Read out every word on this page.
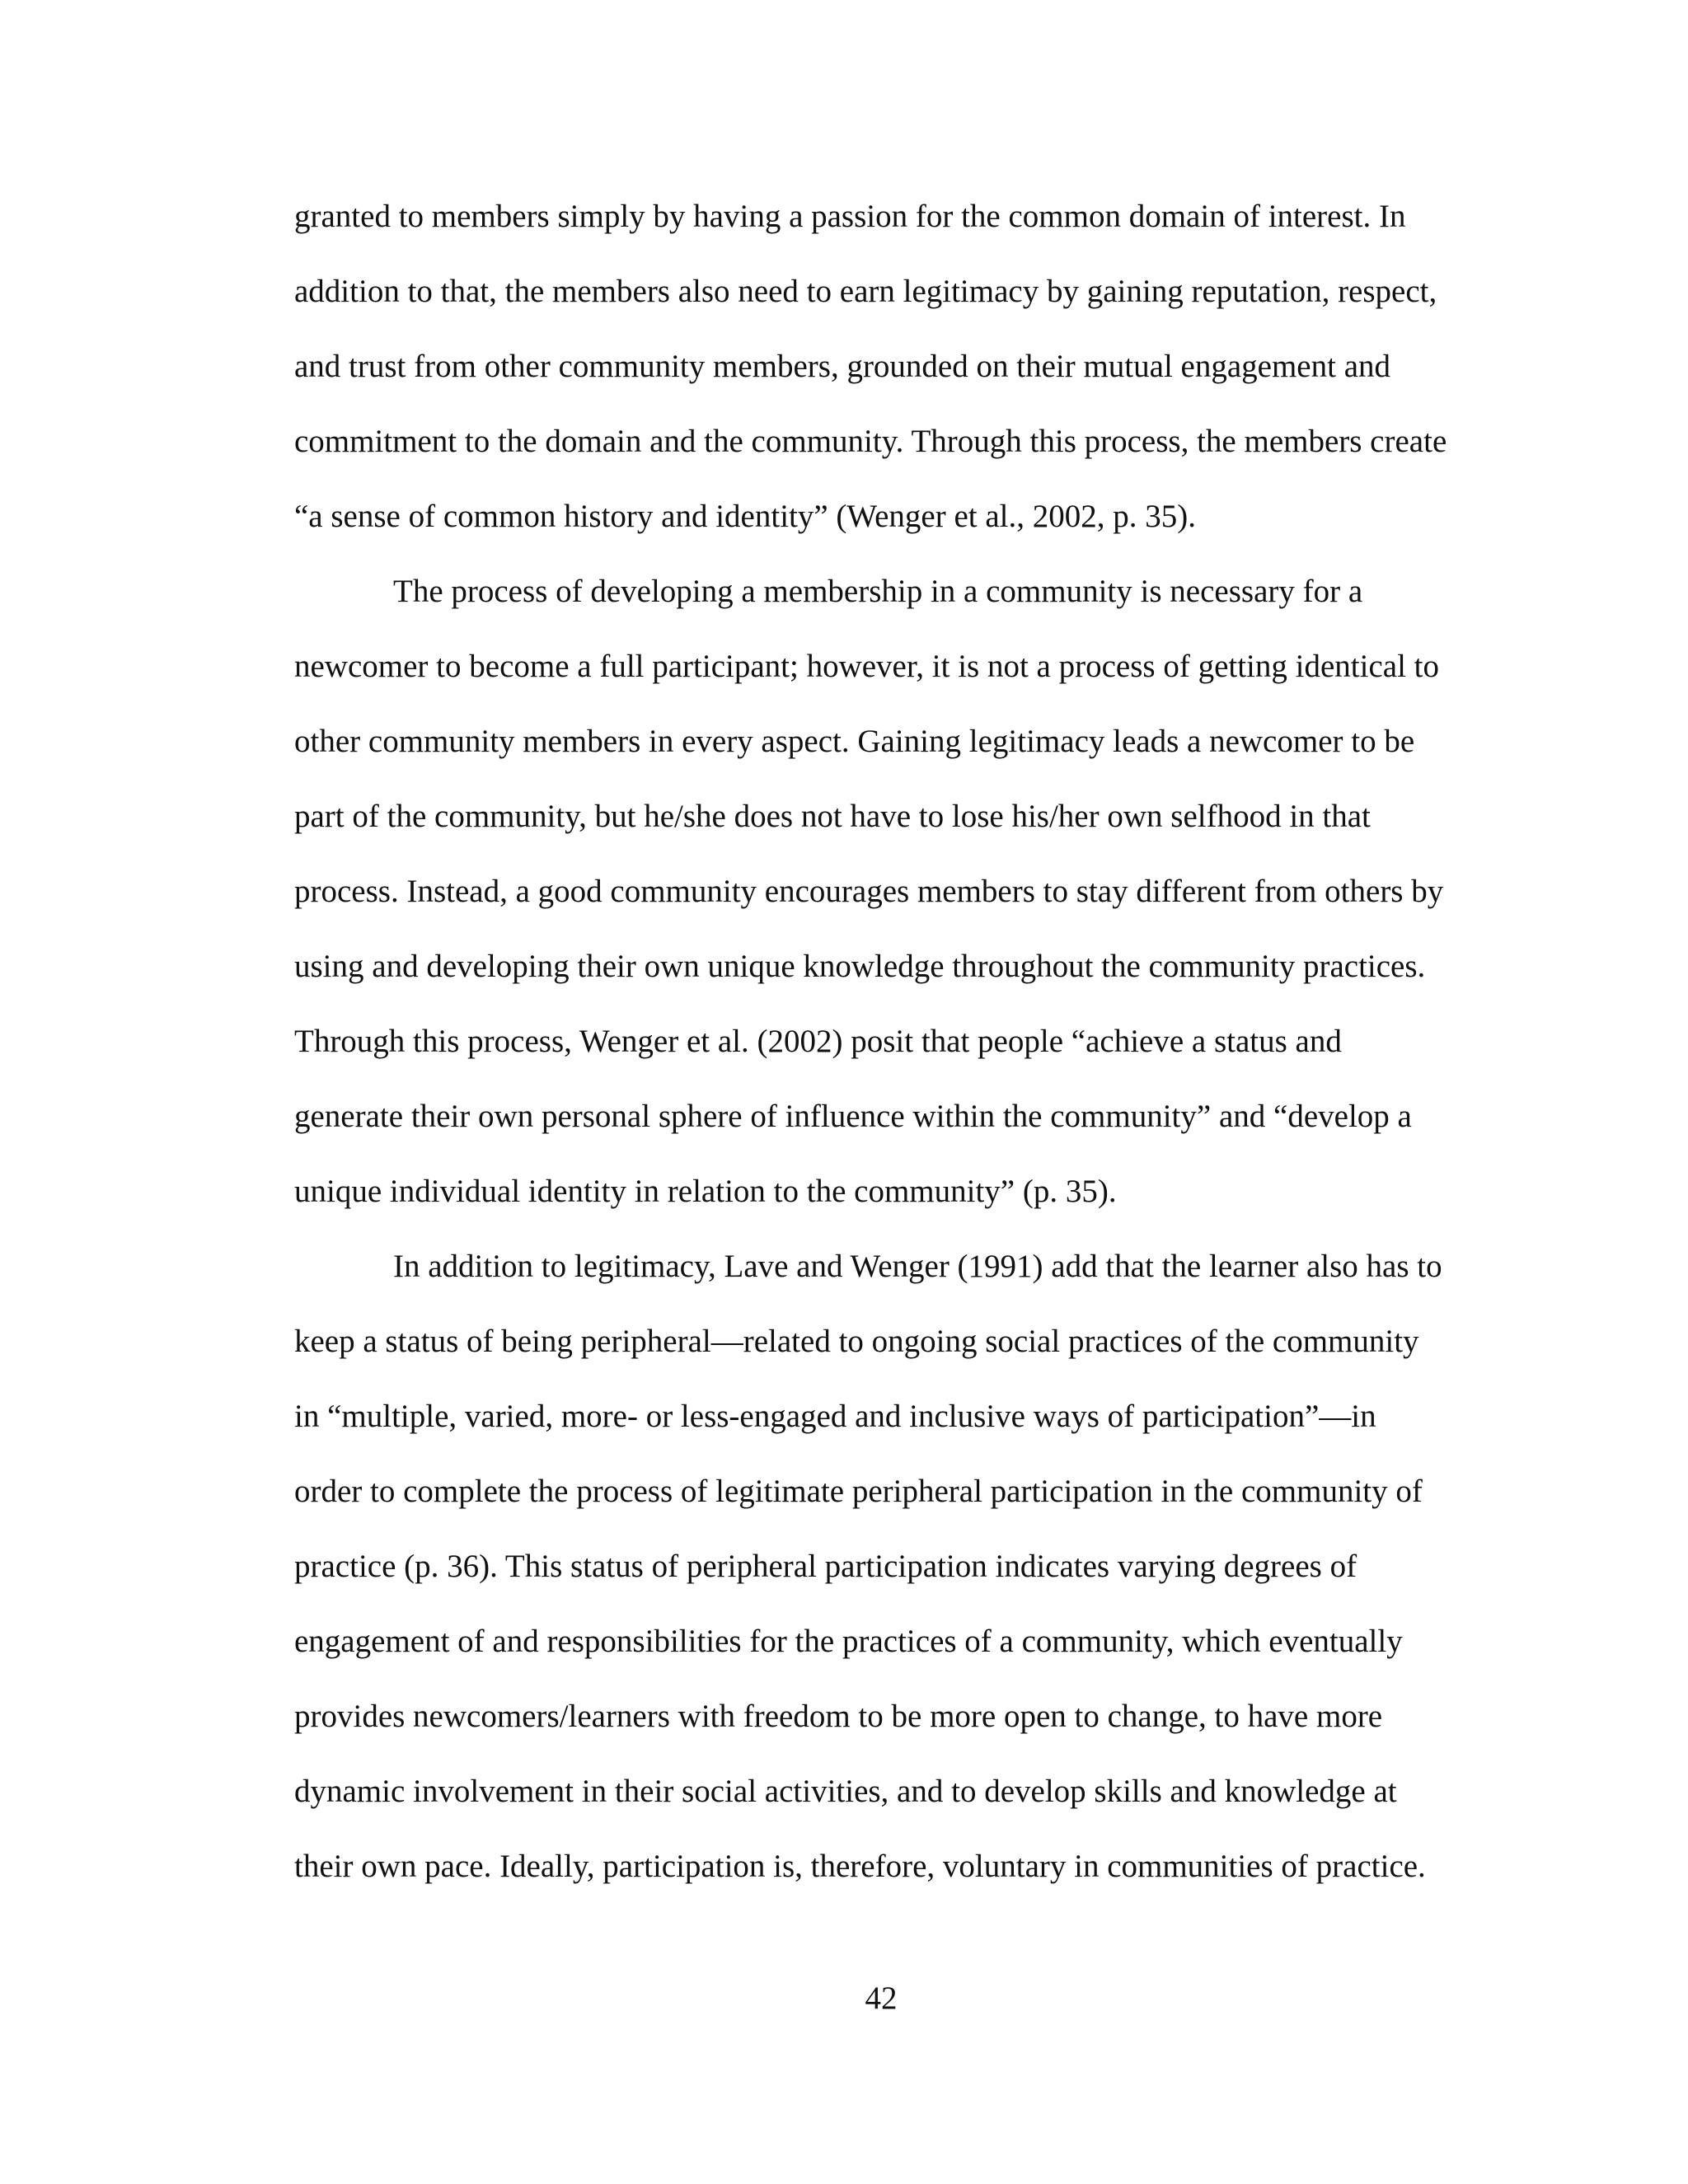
granted to members simply by having a passion for the common domain of interest. In

addition to that, the members also need to earn legitimacy by gaining reputation, respect,

and trust from other community members, grounded on their mutual engagement and

commitment to the domain and the community. Through this process, the members create

“a sense of common history and identity” (Wenger et al., 2002, p. 35).

The process of developing a membership in a community is necessary for a

newcomer to become a full participant; however, it is not a process of getting identical to

other community members in every aspect. Gaining legitimacy leads a newcomer to be

part of the community, but he/she does not have to lose his/her own selfhood in that

process. Instead, a good community encourages members to stay different from others by

using and developing their own unique knowledge throughout the community practices.

Through this process, Wenger et al. (2002) posit that people “achieve a status and

generate their own personal sphere of influence within the community” and “develop a

unique individual identity in relation to the community” (p. 35).

In addition to legitimacy, Lave and Wenger (1991) add that the learner also has to

keep a status of being peripheral—related to ongoing social practices of the community

in “multiple, varied, more- or less-engaged and inclusive ways of participation”—in

order to complete the process of legitimate peripheral participation in the community of

practice (p. 36). This status of peripheral participation indicates varying degrees of

engagement of and responsibilities for the practices of a community, which eventually

provides newcomers/learners with freedom to be more open to change, to have more

dynamic involvement in their social activities, and to develop skills and knowledge at

their own pace. Ideally, participation is, therefore, voluntary in communities of practice.

42
